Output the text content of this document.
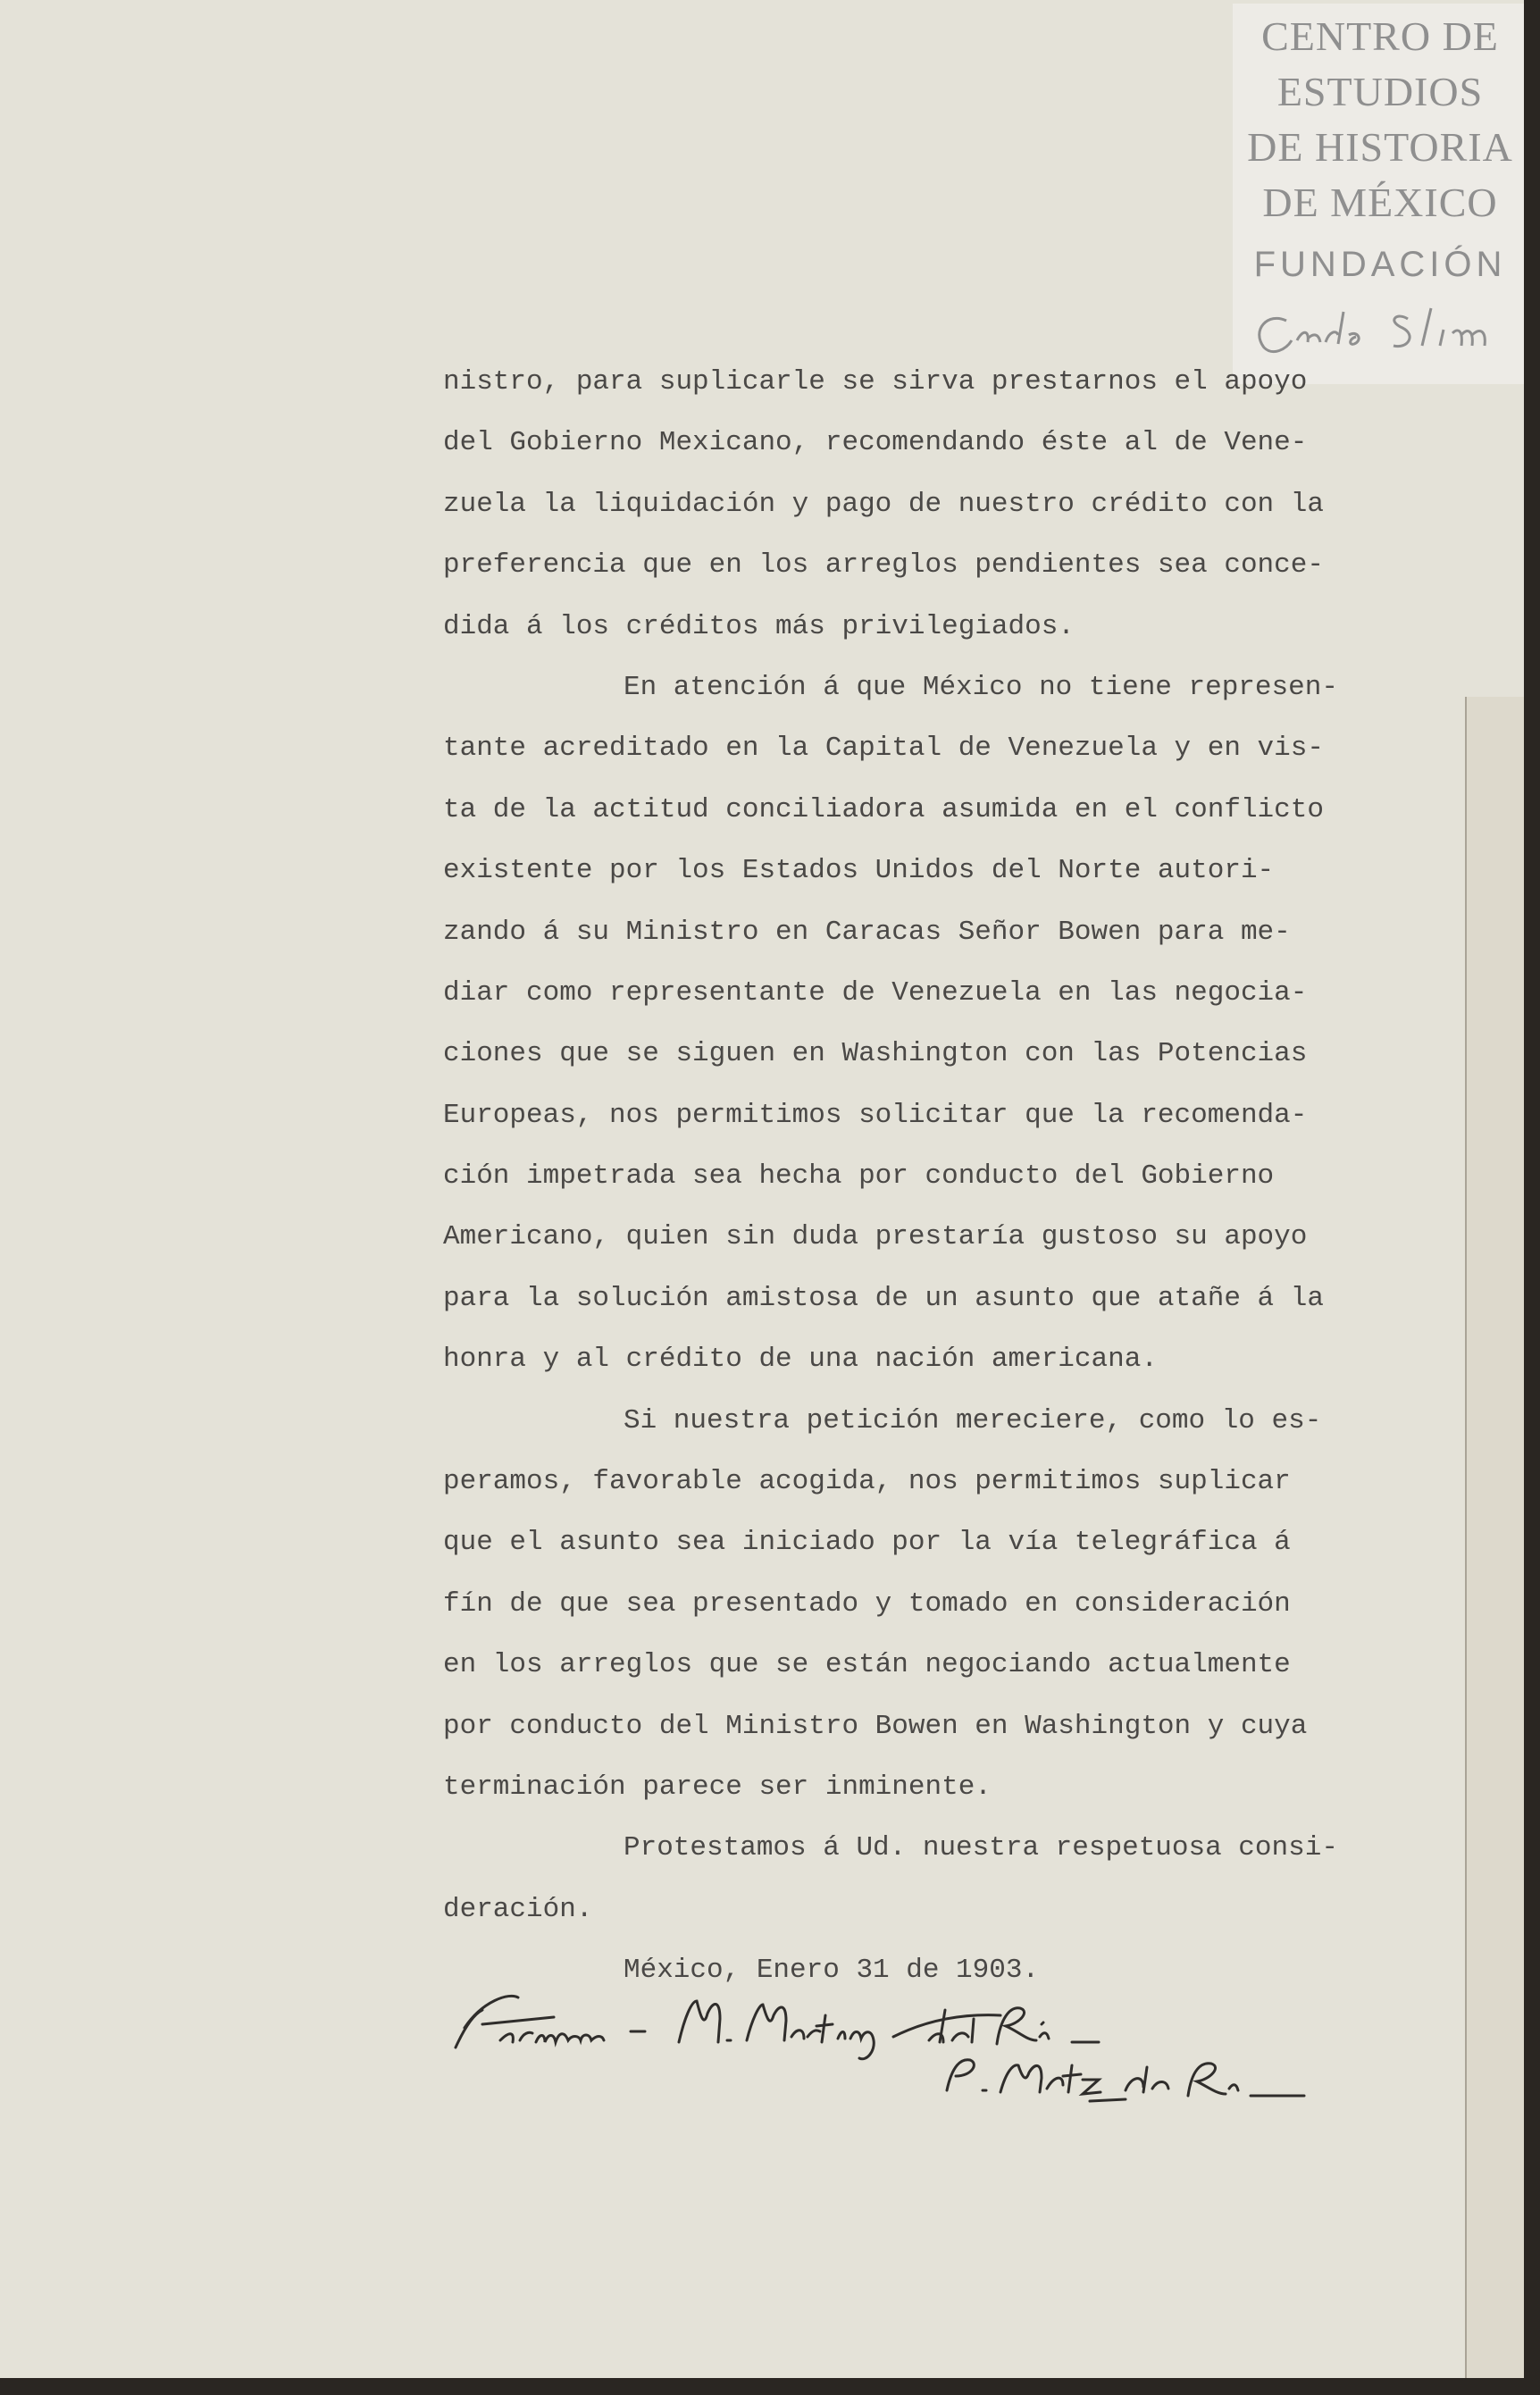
CENTRO DE
ESTUDIOS
DE HISTORIA
DE MÉXICO
FUNDACIÓN
nistro, para suplicarle se sirva prestarnos el apoyo
del Gobierno Mexicano, recomendando éste al de Vene-
zuela la liquidación y pago de nuestro crédito con la
preferencia que en los arreglos pendientes sea conce-
dida á los créditos más privilegiados.
En atención á que México no tiene represen-
tante acreditado en la Capital de Venezuela y en vis-
ta de la actitud conciliadora asumida en el conflicto
existente por los Estados Unidos del Norte autori-
zando á su Ministro en Caracas Señor Bowen para me-
diar como representante de Venezuela en las negocia-
ciones que se siguen en Washington con las Potencias
Europeas, nos permitimos solicitar que la recomenda-
ción impetrada sea hecha por conducto del Gobierno
Americano, quien sin duda prestaría gustoso su apoyo
para la solución amistosa de un asunto que atañe á la
honra y al crédito de una nación americana.
Si nuestra petición mereciere, como lo es-
peramos, favorable acogida, nos permitimos suplicar
que el asunto sea iniciado por la vía telegráfica á
fín de que sea presentado y tomado en consideración
en los arreglos que se están negociando actualmente
por conducto del Ministro Bowen en Washington y cuya
terminación parece ser inminente.
Protestamos á Ud. nuestra respetuosa consi-
deración.
México, Enero 31 de 1903.
